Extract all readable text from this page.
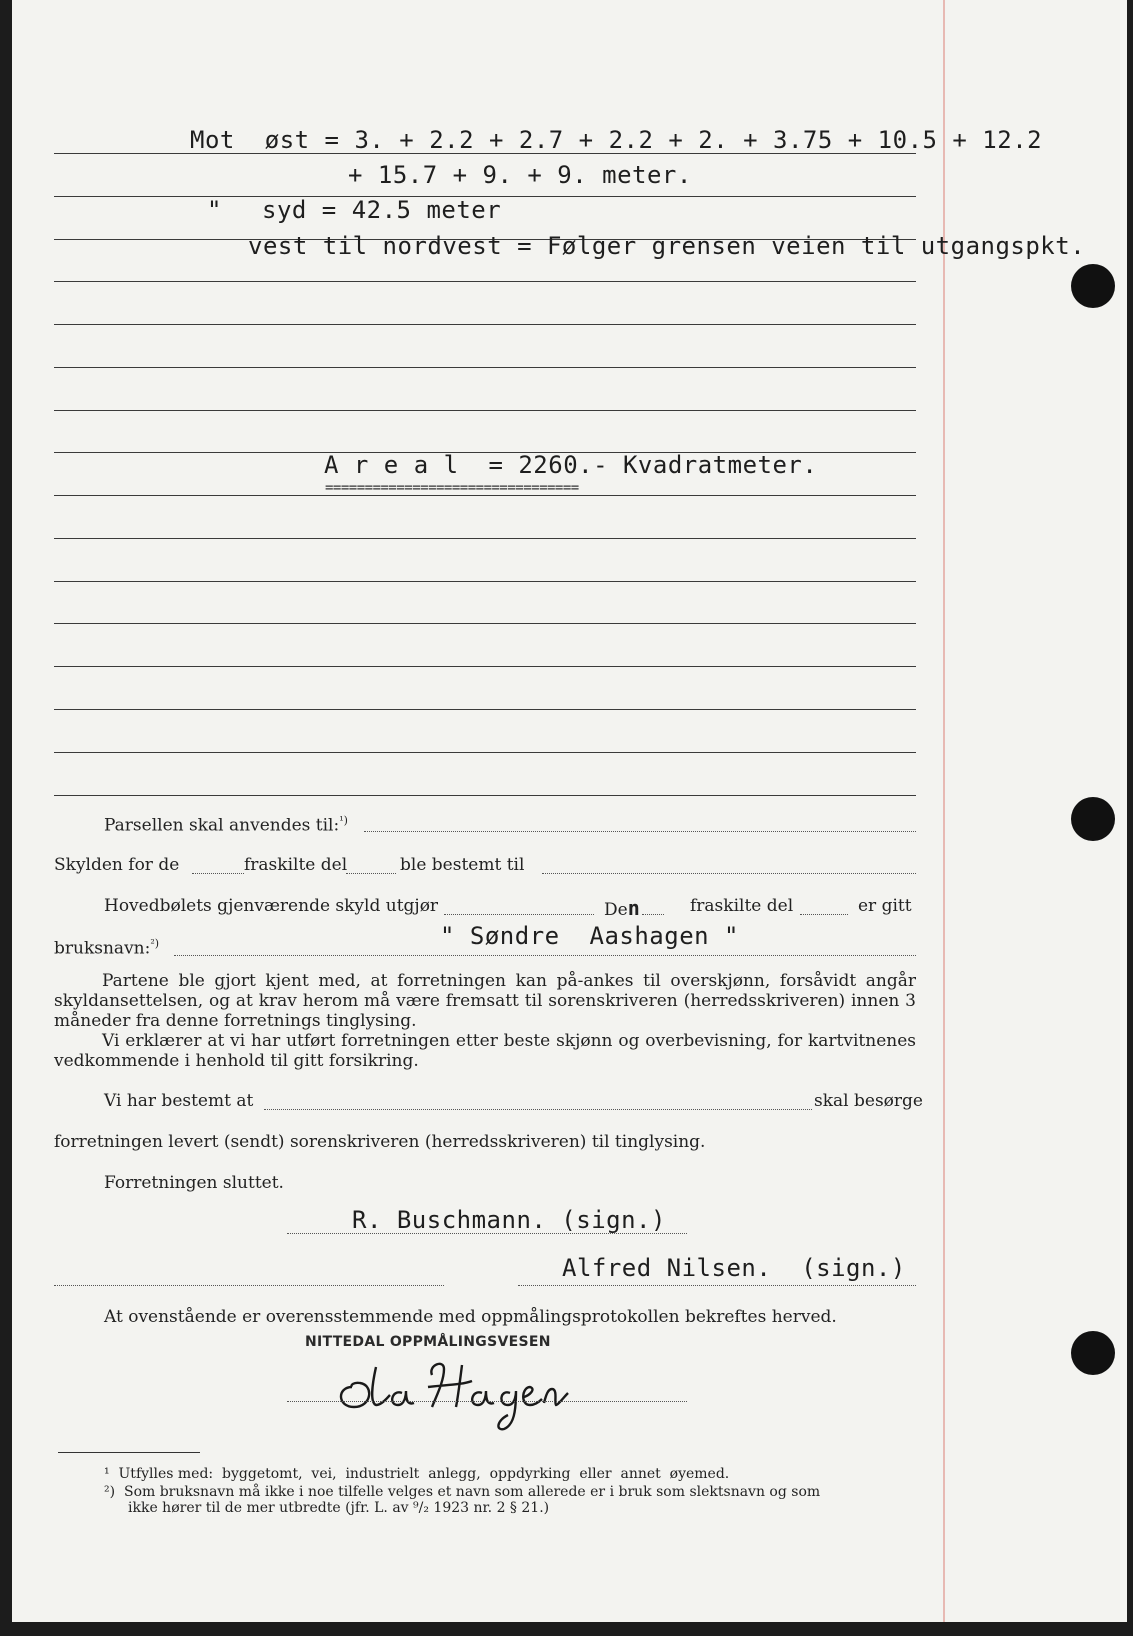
Mot  øst = 3. + 2.2 + 2.7 + 2.2 + 2. + 3.75 + 10.5 + 12.2
+ 15.7 + 9. + 9. meter.
" syd = 42.5 meter
vest til nordvest = Følger grensen veien til utgangspkt.
A r e a l  = 2260.- Kvadratmeter.
================================
Parsellen skal anvendes til:$^{^1)}$
Skylden for de	fraskilte del	ble bestemt til
Hovedbølets gjenværende skyld utgjør	Den	fraskilte del	er gitt
bruksnavn:$^{^2)}$	" Søndre  Aashagen "
Partene ble gjort kjent med, at forretningen kan på-ankes til overskjønn, forsåvidt angår skyldansettelsen, og at krav herom må være fremsatt til sorenskriveren (herredsskriveren) innen 3 måneder fra denne forretnings tinglysing.
Vi erklærer at vi har utført forretningen etter beste skjønn og overbevisning, for kartvitnenes vedkommende i henhold til gitt forsikring.
Vi har bestemt at	skal besørge
forretningen levert (sendt) sorenskriveren (herredsskriveren) til tinglysing.
Forretningen sluttet.
R. Buschmann. (sign.)
Alfred Nilsen.  (sign.)
At ovenstående er overensstemmende med oppmålingsprotokollen bekreftes herved.
NITTEDAL OPPMÅLINGSVESEN
¹  Utfylles med:  byggetomt,  vei,  industrielt  anlegg,  oppdyrking  eller  annet  øyemed.
²)  Som bruksnavn må ikke i noe tilfelle velges et navn som allerede er i bruk som slektsnavn og som
ikke hører til de mer utbredte (jfr. L. av ⁹/₂ 1923 nr. 2 § 21.)
